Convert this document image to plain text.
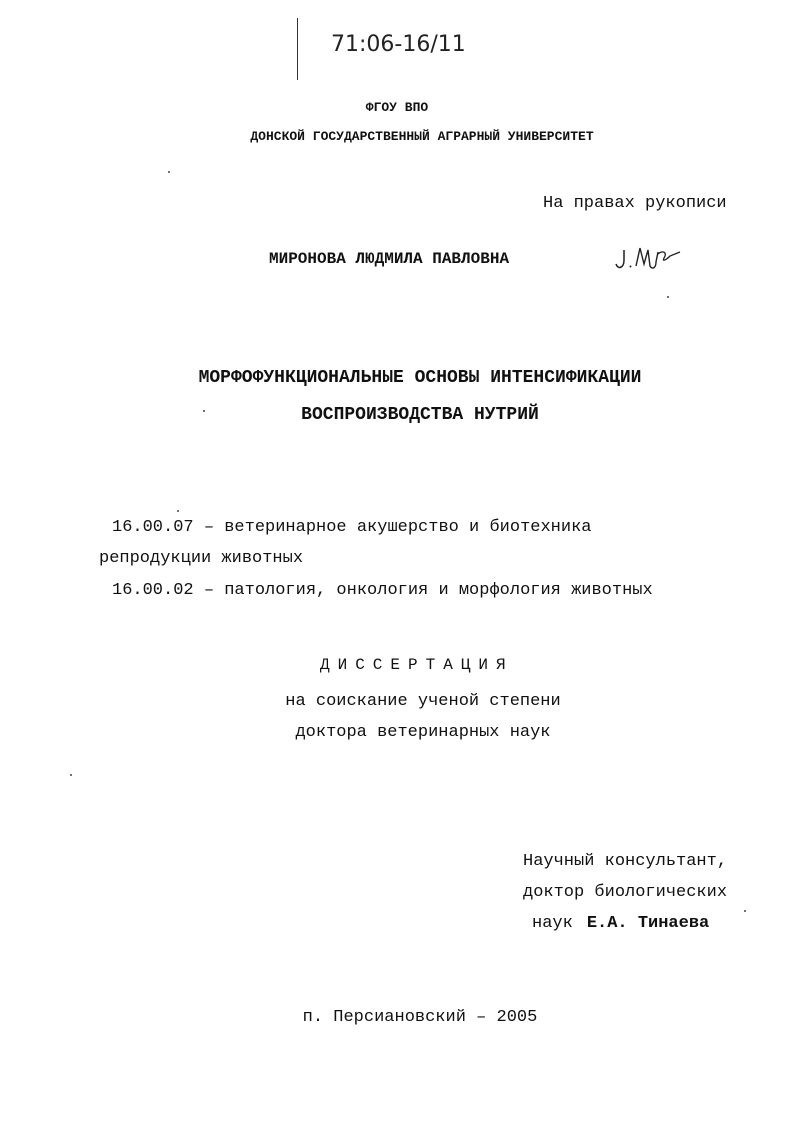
71:06-16/11
ФГОУ ВПО
ДОНСКОЙ ГОСУДАРСТВЕННЫЙ АГРАРНЫЙ УНИВЕРСИТЕТ
На правах рукописи
МИРОНОВА ЛЮДМИЛА ПАВЛОВНА
МОРФОФУНКЦИОНАЛЬНЫЕ ОСНОВЫ ИНТЕНСИФИКАЦИИ
ВОСПРОИЗВОДСТВА НУТРИЙ
16.00.07 – ветеринарное акушерство и биотехника
репродукции животных
16.00.02 – патология, онкология и морфология животных
ДИССЕРТАЦИЯ
на соискание ученой степени
доктора ветеринарных наук
Научный консультант,
доктор биологических
наук Е.А. Тинаева
п. Персиановский – 2005
